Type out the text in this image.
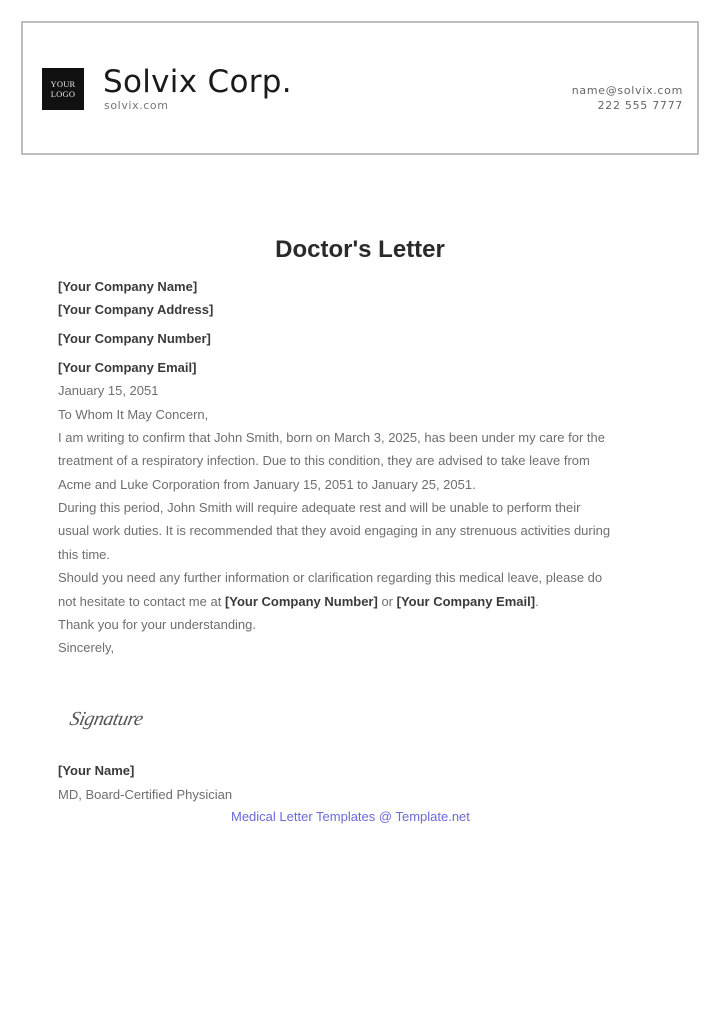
YOUR
LOGO Solvix Corp.
solvix.com
name@solvix.com
222 555 7777
Doctor's Letter
[Your Company Name]
[Your Company Address]
[Your Company Number]
[Your Company Email]
January 15, 2051
To Whom It May Concern,
I am writing to confirm that John Smith, born on March 3, 2025, has been under my care for the
treatment of a respiratory infection. Due to this condition, they are advised to take leave from
Acme and Luke Corporation from January 15, 2051 to January 25, 2051.
During this period, John Smith will require adequate rest and will be unable to perform their
usual work duties. It is recommended that they avoid engaging in any strenuous activities during
this time.
Should you need any further information or clarification regarding this medical leave, please do
not hesitate to contact me at [Your Company Number] or [Your Company Email].
Thank you for your understanding.
Sincerely,
Signature
[Your Name]
MD, Board-Certified Physician
Medical Letter Templates @ Template.net
